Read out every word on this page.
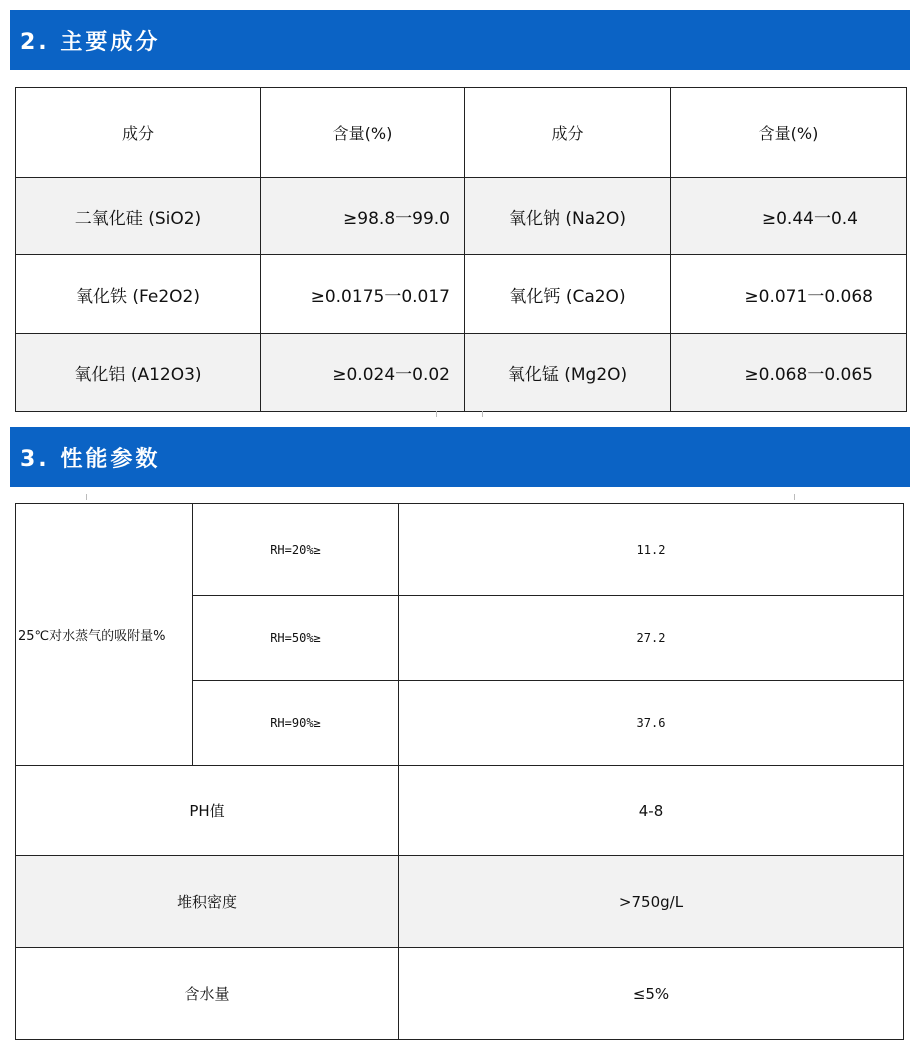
2. 主要成分
成分	含量(%)	成分	含量(%)
二氧化硅 (SiO2)	≥98.8一99.0	氧化钠 (Na2O)	≥0.44一0.4
氧化铁 (Fe2O2)	≥0.0175一0.017	氧化钙 (Ca2O)	≥0.071一0.068
氧化铝 (A12O3)	≥0.024一0.02	氧化锰 (Mg2O)	≥0.068一0.065
3. 性能参数
25℃对水蒸气的吸附量%	RH=20%≥	11.2
	RH=50%≥	27.2
	RH=90%≥	37.6
PH值		4-8
堆积密度		>750g/L
含水量		≤5%
